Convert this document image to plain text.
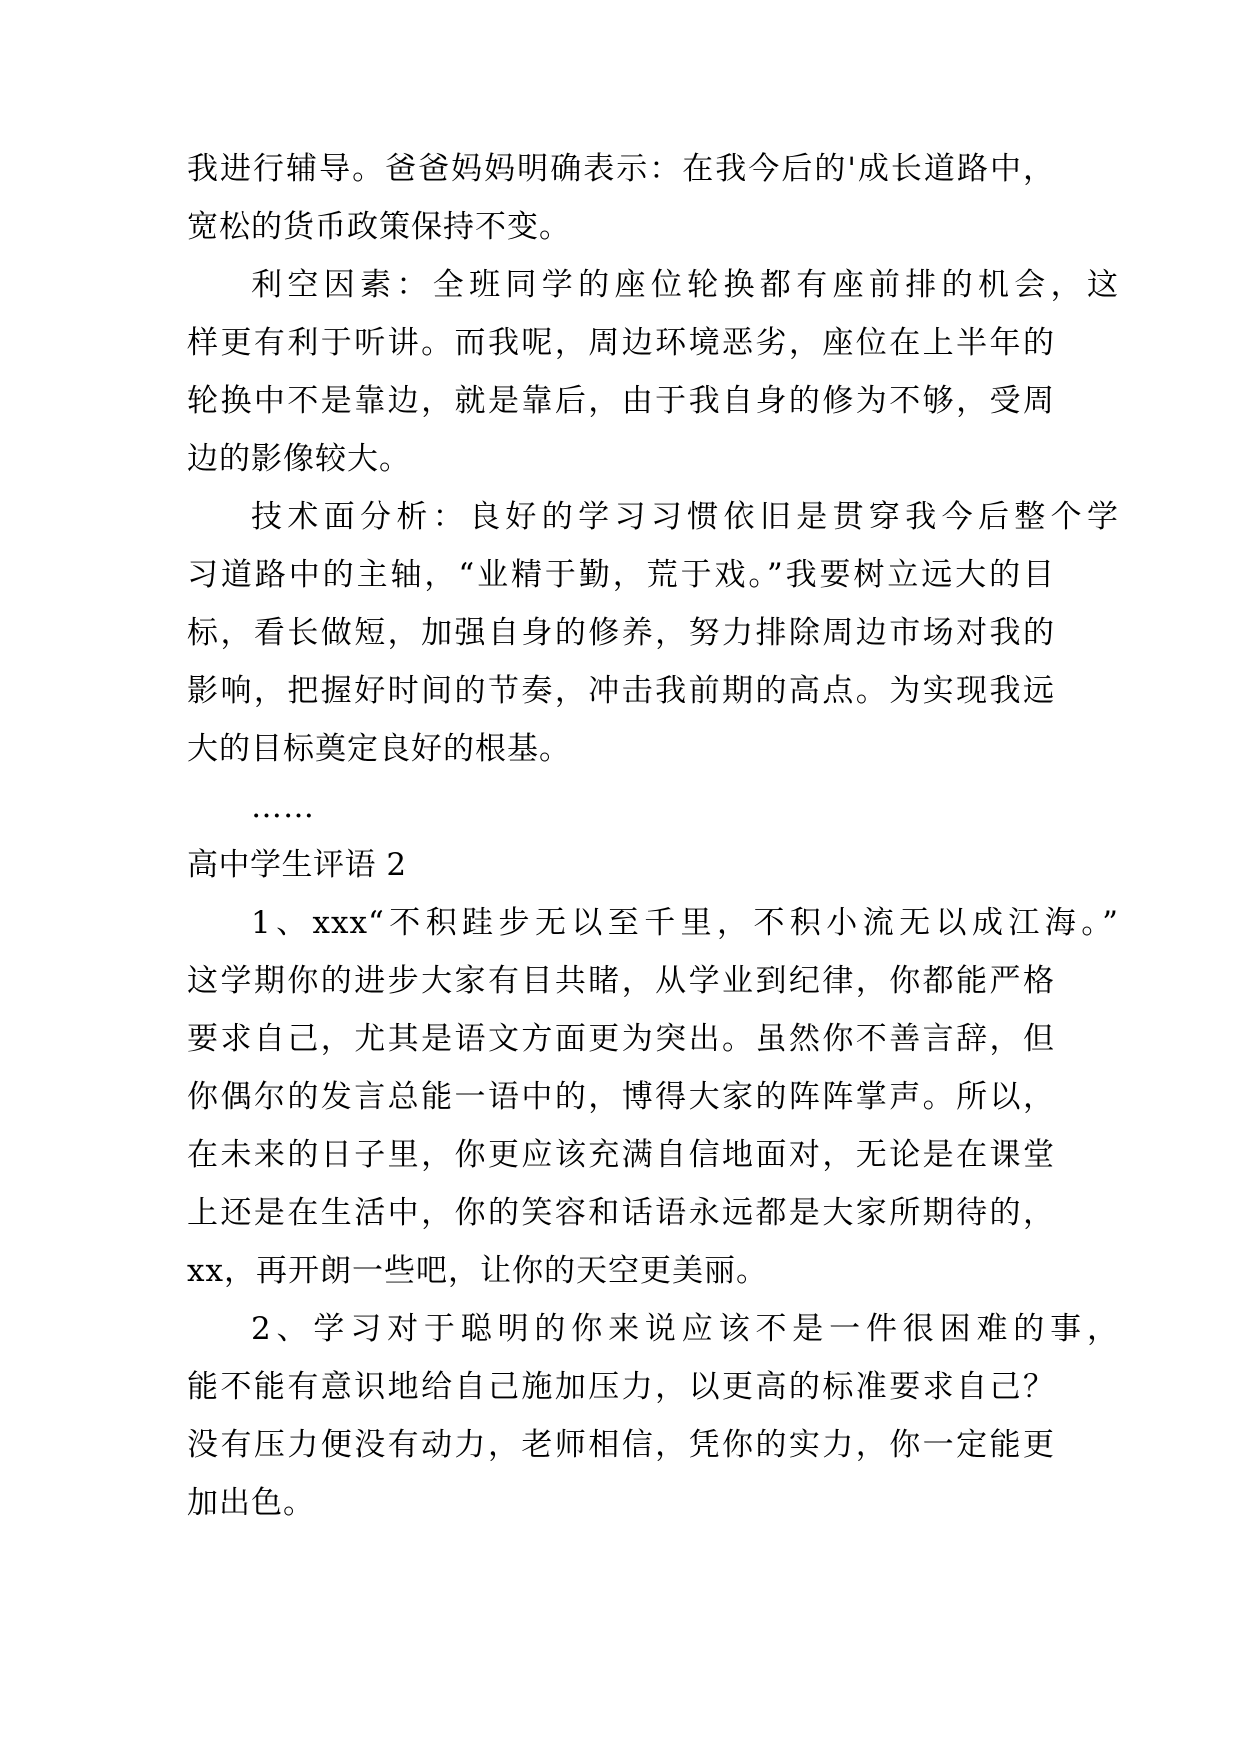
我进行辅导。爸爸妈妈明确表示：在我今后的'成长道路中，
宽松的货币政策保持不变。
利空因素：全班同学的座位轮换都有座前排的机会，这
样更有利于听讲。而我呢，周边环境恶劣，座位在上半年的
轮换中不是靠边，就是靠后，由于我自身的修为不够，受周
边的影像较大。
技术面分析：良好的学习习惯依旧是贯穿我今后整个学
习道路中的主轴，“业精于勤，荒于戏。”我要树立远大的目
标，看长做短，加强自身的修养，努力排除周边市场对我的
影响，把握好时间的节奏，冲击我前期的高点。为实现我远
大的目标奠定良好的根基。
……
高中学生评语 2
1、xxx“不积跬步无以至千里，不积小流无以成江海。”
这学期你的进步大家有目共睹，从学业到纪律，你都能严格
要求自己，尤其是语文方面更为突出。虽然你不善言辞，但
你偶尔的发言总能一语中的，博得大家的阵阵掌声。所以，
在未来的日子里，你更应该充满自信地面对，无论是在课堂
上还是在生活中，你的笑容和话语永远都是大家所期待的，
xx，再开朗一些吧，让你的天空更美丽。
2、学习对于聪明的你来说应该不是一件很困难的事，
能不能有意识地给自己施加压力，以更高的标准要求自己？
没有压力便没有动力，老师相信，凭你的实力，你一定能更
加出色。
